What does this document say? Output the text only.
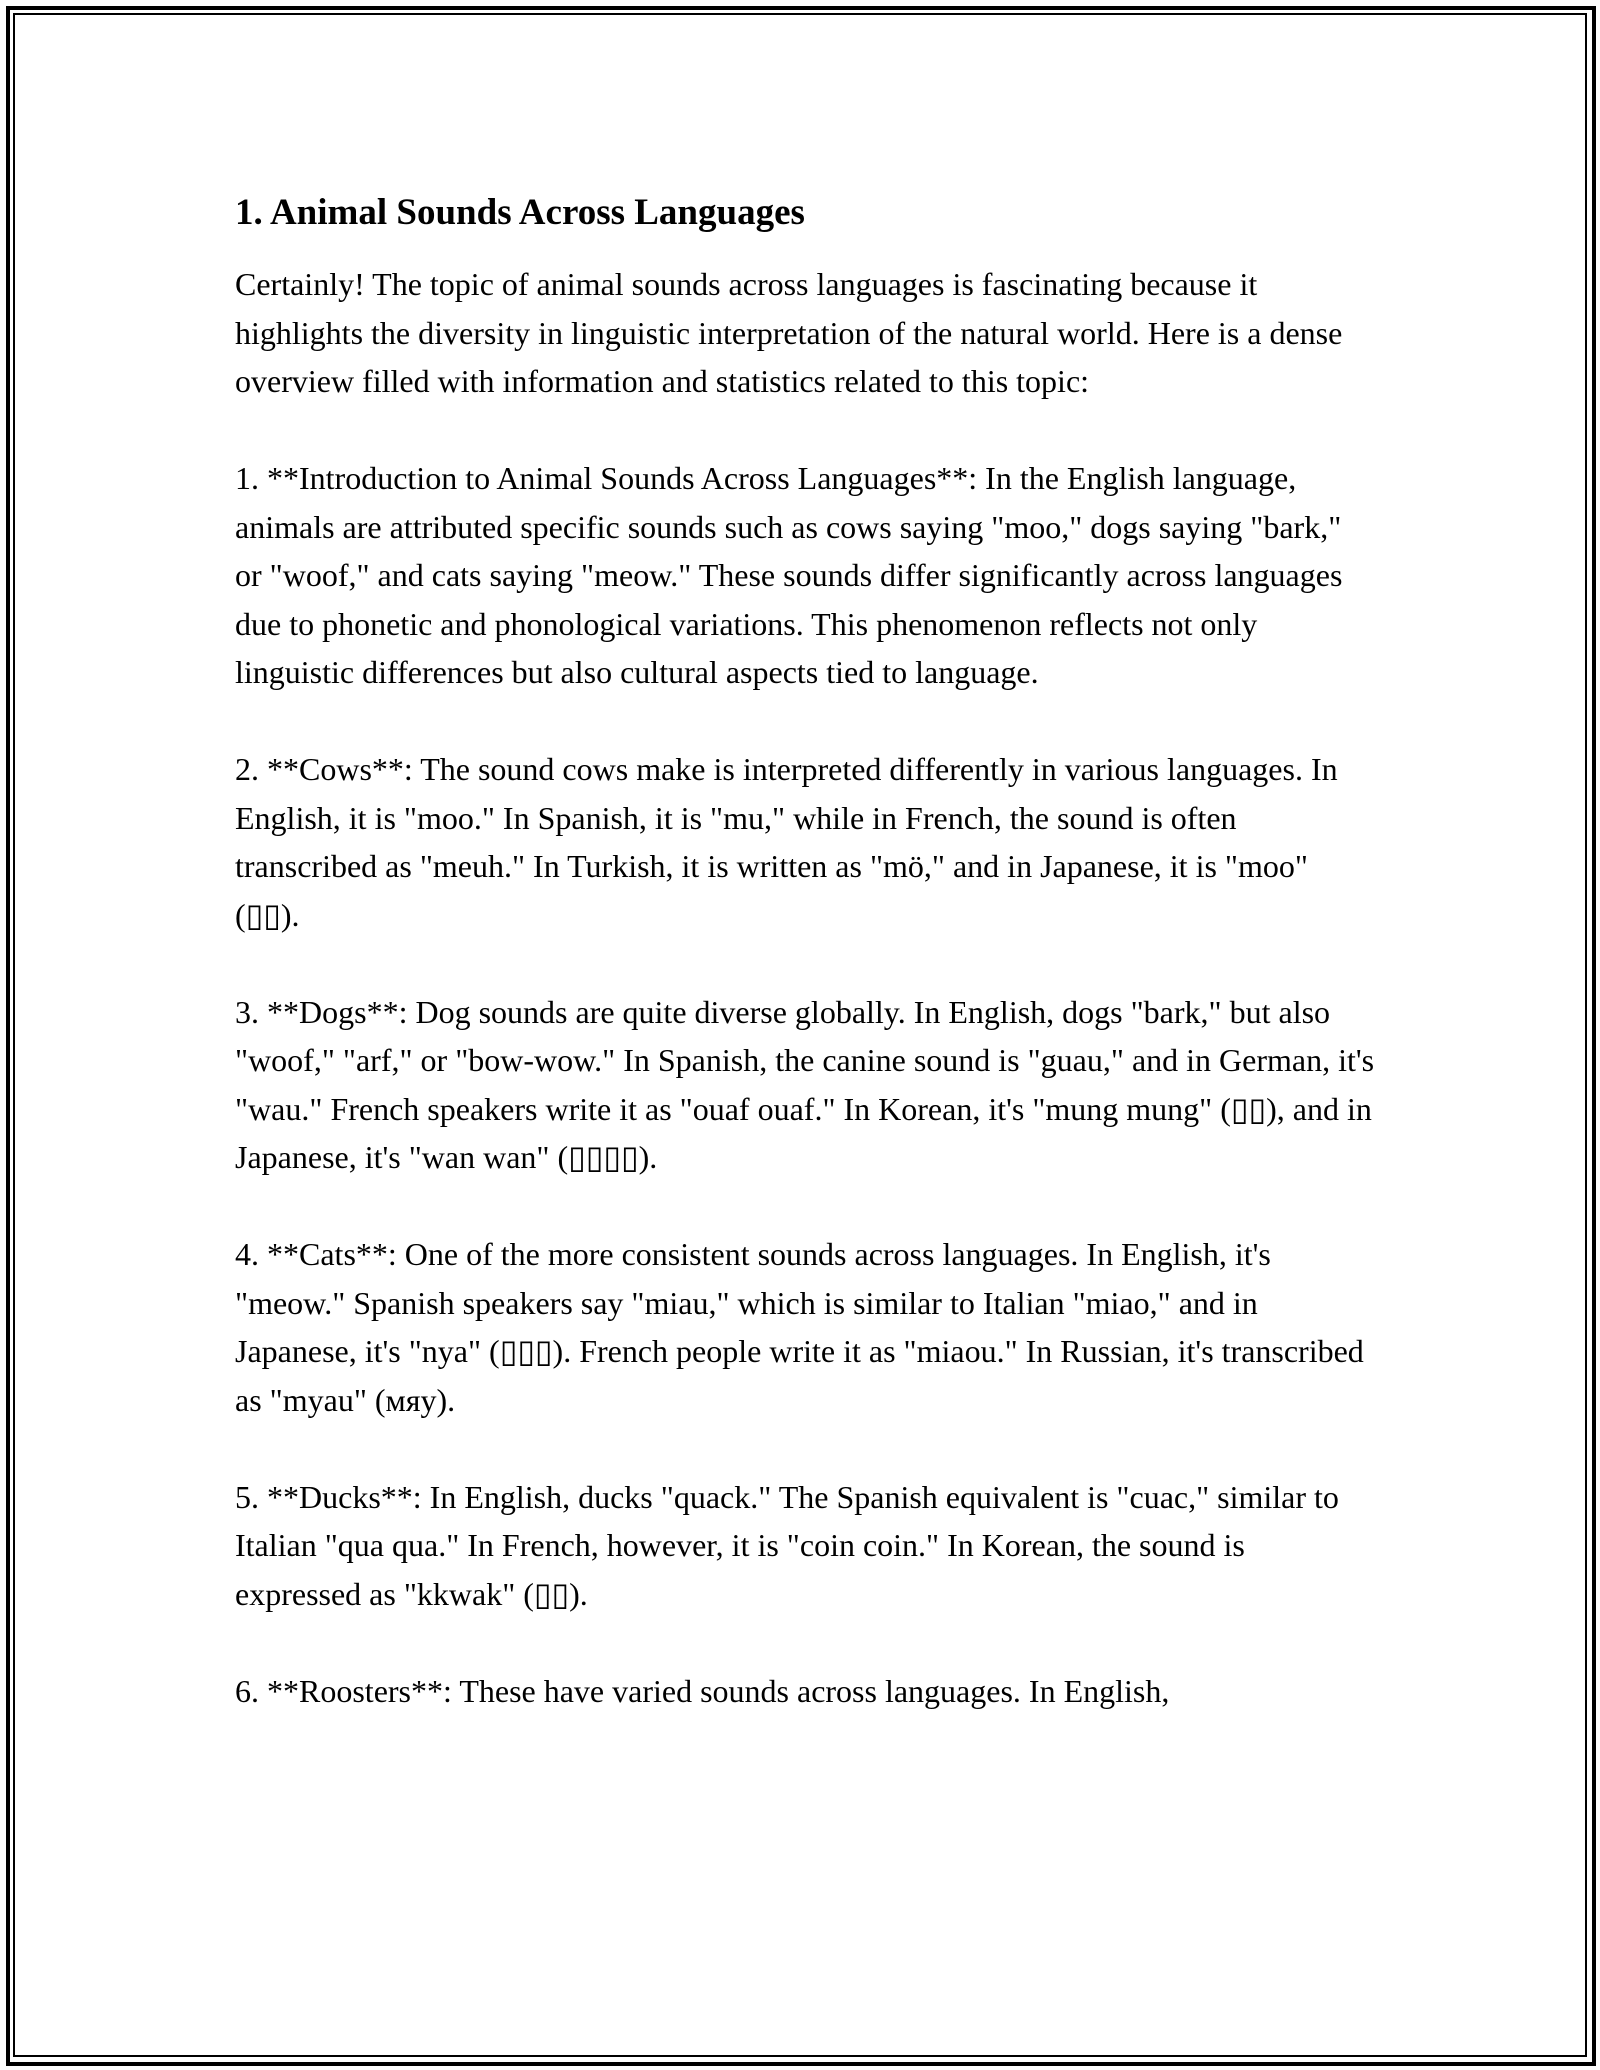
1. Animal Sounds Across Languages

Certainly! The topic of animal sounds across languages is fascinating because it highlights the diversity in linguistic interpretation of the natural world. Here is a dense overview filled with information and statistics related to this topic:

1. **Introduction to Animal Sounds Across Languages**: In the English language, animals are attributed specific sounds such as cows saying "moo," dogs saying "bark," or "woof," and cats saying "meow." These sounds differ significantly across languages due to phonetic and phonological variations. This phenomenon reflects not only linguistic differences but also cultural aspects tied to language.

2. **Cows**: The sound cows make is interpreted differently in various languages. In English, it is "moo." In Spanish, it is "mu," while in French, the sound is often transcribed as "meuh." In Turkish, it is written as "mö," and in Japanese, it is "moo" (▯▯).

3. **Dogs**: Dog sounds are quite diverse globally. In English, dogs "bark," but also "woof," "arf," or "bow-wow." In Spanish, the canine sound is "guau," and in German, it's "wau." French speakers write it as "ouaf ouaf." In Korean, it's "mung mung" (▯▯), and in Japanese, it's "wan wan" (▯▯▯▯).

4. **Cats**: One of the more consistent sounds across languages. In English, it's "meow." Spanish speakers say "miau," which is similar to Italian "miao," and in Japanese, it's "nya" (▯▯▯). French people write it as "miaou." In Russian, it's transcribed as "myau" (мяу).

5. **Ducks**: In English, ducks "quack." The Spanish equivalent is "cuac," similar to Italian "qua qua." In French, however, it is "coin coin." In Korean, the sound is expressed as "kkwak" (▯▯).

6. **Roosters**: These have varied sounds across languages. In English,
